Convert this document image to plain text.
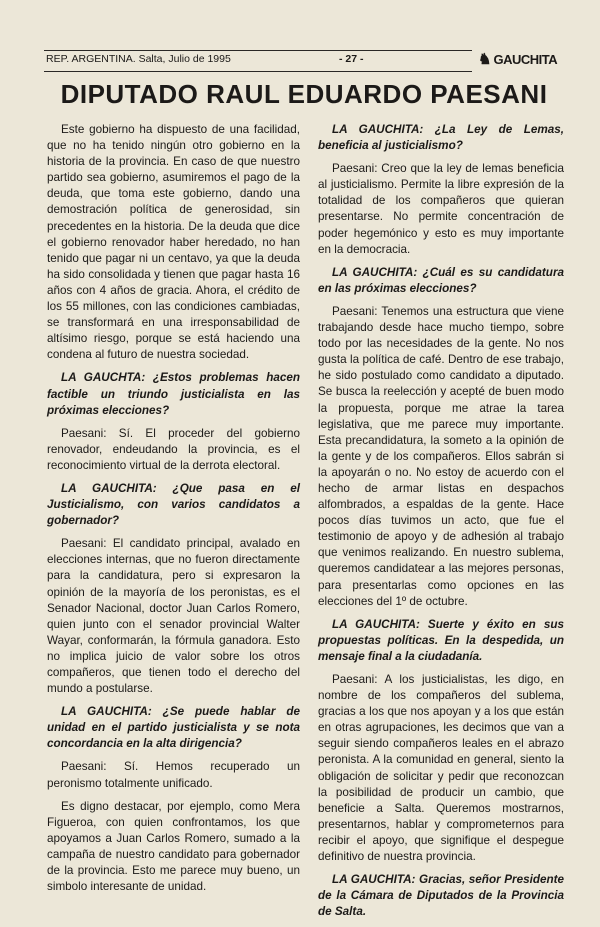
REP. ARGENTINA. Salta, Julio de 1995	- 27 -	♞ GAUCHITA
DIPUTADO RAUL EDUARDO PAESANI

Este gobierno ha dispuesto de una facilidad, que no ha tenido ningún otro gobierno en la historia de la provincia. En caso de que nuestro partido sea gobierno, asumiremos el pago de la deuda, que toma este gobierno, dando una demostración política de generosidad, sin precedentes en la historia. De la deuda que dice el gobierno renovador haber heredado, no han tenido que pagar ni un centavo, ya que la deuda ha sido consolidada y tienen que pagar hasta 16 años con 4 años de gracia. Ahora, el crédito de los 55 millones, con las condiciones cambiadas, se transformará en una irresponsabilidad de altísimo riesgo, porque se está haciendo una condena al futuro de nuestra sociedad.

LA GAUCHTA: ¿Estos problemas hacen factible un triundo justicialista en las próximas elecciones?

Paesani: Sí. El proceder del gobierno renovador, endeudando la provincia, es el reconocimiento virtual de la derrota electoral.

LA GAUCHITA: ¿Que pasa en el Justicialismo, con varios candidatos a gobernador?

Paesani: El candidato principal, avalado en elecciones internas, que no fueron directamente para la candidatura, pero si expresaron la opinión de la mayoría de los peronistas, es el Senador Nacional, doctor Juan Carlos Romero, quien junto con el senador provincial Walter Wayar, conformarán, la fórmula ganadora. Esto no implica juicio de valor sobre los otros compañeros, que tienen todo el derecho del mundo a postularse.

LA GAUCHITA: ¿Se puede hablar de unidad en el partido justicialista y se nota concordancia en la alta dirigencia?

Paesani: Sí. Hemos recuperado un peronismo totalmente unificado.

Es digno destacar, por ejemplo, como Mera Figueroa, con quien confrontamos, los que apoyamos a Juan Carlos Romero, sumado a la campaña de nuestro candidato para gobernador de la provincia. Esto me parece muy bueno, un simbolo interesante de unidad.

LA GAUCHITA: ¿La Ley de Lemas, beneficia al justicialismo?

Paesani: Creo que la ley de lemas beneficia al justicialismo. Permite la libre expresión de la totalidad de los compañeros que quieran presentarse. No permite concentración de poder hegemónico y esto es muy importante en la democracia.

LA GAUCHITA: ¿Cuál es su candidatura en las próximas elecciones?

Paesani: Tenemos una estructura que viene trabajando desde hace mucho tiempo, sobre todo por las necesidades de la gente. No nos gusta la política de café. Dentro de ese trabajo, he sido postulado como candidato a diputado. Se busca la reelección y acepté de buen modo la propuesta, porque me atrae la tarea legislativa, que me parece muy importante. Esta precandidatura, la someto a la opinión de la gente y de los compañeros. Ellos sabrán si la apoyarán o no. No estoy de acuerdo con el hecho de armar listas en despachos alfombrados, a espaldas de la gente. Hace pocos días tuvimos un acto, que fue el testimonio de apoyo y de adhesión al trabajo que venimos realizando. En nuestro sublema, queremos candidatear a las mejores personas, para presentarlas como opciones en las elecciones del 1º de octubre.

LA GAUCHITA: Suerte y éxito en sus propuestas políticas. En la despedida, un mensaje final a la ciudadanía.

Paesani: A los justicialistas, les digo, en nombre de los compañeros del sublema, gracias a los que nos apoyan y a los que están en otras agrupaciones, les decimos que van a seguir siendo compañeros leales en el abrazo peronista. A la comunidad en general, siento la obligación de solicitar y pedir que reconozcan la posibilidad de producir un cambio, que beneficie a Salta. Queremos mostrarnos, presentarnos, hablar y comprometernos para recibir el apoyo, que signifique el despegue definitivo de nuestra provincia.

LA GAUCHITA: Gracias, señor Presidente de la Cámara de Diputados de la Provincia de Salta.
